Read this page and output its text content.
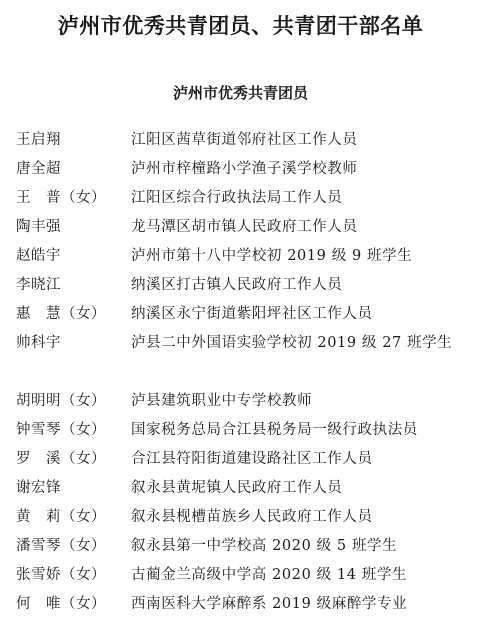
泸州市优秀共青团员、共青团干部名单
泸州市优秀共青团员
王启翔	江阳区茜草街道邻府社区工作人员
唐全超	泸州市梓橦路小学渔子溪学校教师
王　普（女）	江阳区综合行政执法局工作人员
陶丰强	龙马潭区胡市镇人民政府工作人员
赵皓宇	泸州市第十八中学校初 2019 级 9 班学生
李晓江	纳溪区打古镇人民政府工作人员
惠　慧（女）	纳溪区永宁街道紫阳坪社区工作人员
帅科宇	泸县二中外国语实验学校初 2019 级 27 班学生
胡明明（女）	泸县建筑职业中专学校教师
钟雪琴（女）	国家税务总局合江县税务局一级行政执法员
罗　溪（女）	合江县符阳街道建设路社区工作人员
谢宏锋	叙永县黄坭镇人民政府工作人员
黄　莉（女）	叙永县枧槽苗族乡人民政府工作人员
潘雪琴（女）	叙永县第一中学校高 2020 级 5 班学生
张雪娇（女）	古蔺金兰高级中学高 2020 级 14 班学生
何　唯（女）	西南医科大学麻醉系 2019 级麻醉学专业
